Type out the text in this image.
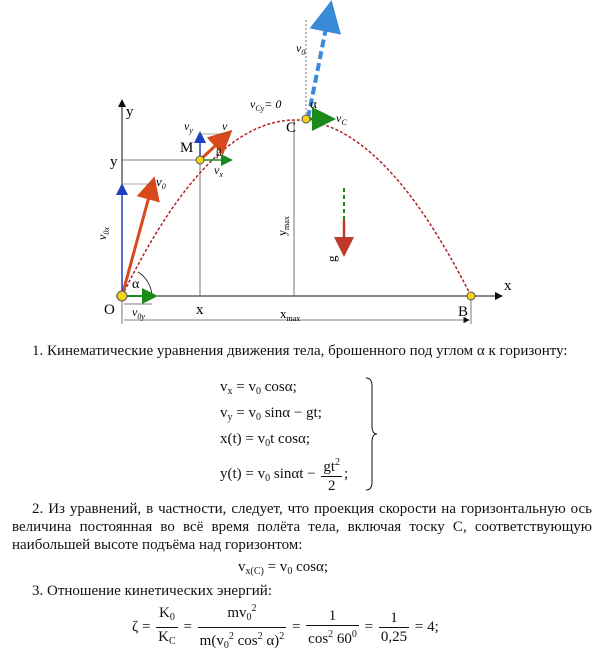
y
x
α
$v_0$
$v_{0x}$
$v_{0y}$
β
$v_y$ v
$v_x$
M
y
$v_{Cy}= 0$ α
$v_C$
$v_0$
C
$y_{max}$
g
O	x	B
$x_{max}$
1. Кинематические уравнения движения тела, брошенного под углом α к горизонту:
$v_x = v_0$ cosα;
$v_y = v_0$ sinα − gt;
$x(t) = v_0t$ cosα;
$y(t) = v_0$ $\sin\alpha t - \frac{gt^2}{2}$ ;
2. Из уравнений, в частности, следует, что проекция скорости на горизонтальную ось величина постоянная во всё время полёта тела, включая тоску С, соответствующую наибольшей высоте подъёма над горизонтом:
$v_{x(C)} = v_0$ cosα;
3. Отношение кинетических энергий:
$\zeta = \frac{K_0}{K_C} = \frac{mv_0^2}{m(v_0^2 \cos^2 \alpha)^2} = \frac{1}{\cos^2 60^0} = \frac{1}{0,25} = 4$;
